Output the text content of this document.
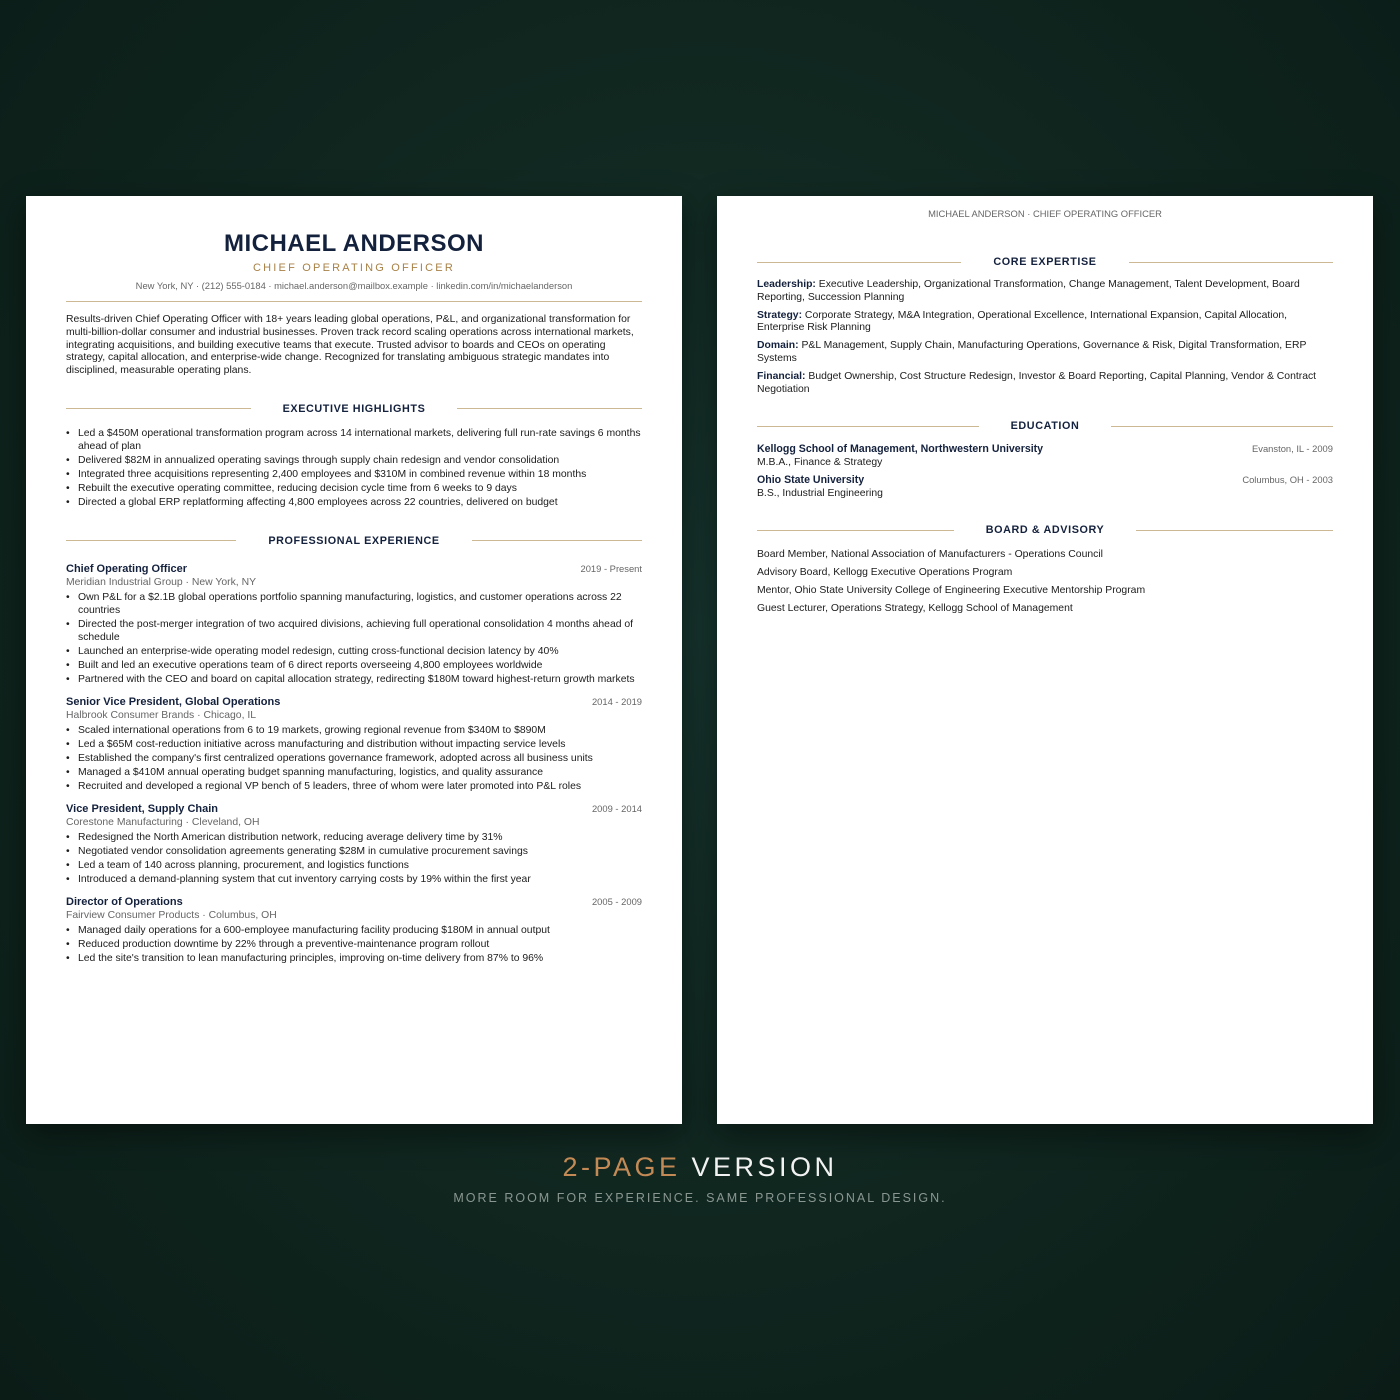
MICHAEL ANDERSON
CHIEF OPERATING OFFICER
New York, NY · (212) 555-0184 · michael.anderson@mailbox.example · linkedin.com/in/michaelanderson
Results-driven Chief Operating Officer with 18+ years leading global operations, P&L, and organizational transformation for multi-billion-dollar consumer and industrial businesses. Proven track record scaling operations across international markets, integrating acquisitions, and building executive teams that execute. Trusted advisor to boards and CEOs on operating strategy, capital allocation, and enterprise-wide change. Recognized for translating ambiguous strategic mandates into disciplined, measurable operating plans.
EXECUTIVE HIGHLIGHTS
• Led a $450M operational transformation program across 14 international markets, delivering full run-rate savings 6 months ahead of plan
• Delivered $82M in annualized operating savings through supply chain redesign and vendor consolidation
• Integrated three acquisitions representing 2,400 employees and $310M in combined revenue within 18 months
• Rebuilt the executive operating committee, reducing decision cycle time from 6 weeks to 9 days
• Directed a global ERP replatforming affecting 4,800 employees across 22 countries, delivered on budget
PROFESSIONAL EXPERIENCE
Chief Operating Officer	2019 - Present
Meridian Industrial Group · New York, NY
• Own P&L for a $2.1B global operations portfolio spanning manufacturing, logistics, and customer operations across 22 countries
• Directed the post-merger integration of two acquired divisions, achieving full operational consolidation 4 months ahead of schedule
• Launched an enterprise-wide operating model redesign, cutting cross-functional decision latency by 40%
• Built and led an executive operations team of 6 direct reports overseeing 4,800 employees worldwide
• Partnered with the CEO and board on capital allocation strategy, redirecting $180M toward highest-return growth markets
Senior Vice President, Global Operations	2014 - 2019
Halbrook Consumer Brands · Chicago, IL
• Scaled international operations from 6 to 19 markets, growing regional revenue from $340M to $890M
• Led a $65M cost-reduction initiative across manufacturing and distribution without impacting service levels
• Established the company's first centralized operations governance framework, adopted across all business units
• Managed a $410M annual operating budget spanning manufacturing, logistics, and quality assurance
• Recruited and developed a regional VP bench of 5 leaders, three of whom were later promoted into P&L roles
Vice President, Supply Chain	2009 - 2014
Corestone Manufacturing · Cleveland, OH
• Redesigned the North American distribution network, reducing average delivery time by 31%
• Negotiated vendor consolidation agreements generating $28M in cumulative procurement savings
• Led a team of 140 across planning, procurement, and logistics functions
• Introduced a demand-planning system that cut inventory carrying costs by 19% within the first year
Director of Operations	2005 - 2009
Fairview Consumer Products · Columbus, OH
• Managed daily operations for a 600-employee manufacturing facility producing $180M in annual output
• Reduced production downtime by 22% through a preventive-maintenance program rollout
• Led the site's transition to lean manufacturing principles, improving on-time delivery from 87% to 96%
MICHAEL ANDERSON · CHIEF OPERATING OFFICER
CORE EXPERTISE
Leadership: Executive Leadership, Organizational Transformation, Change Management, Talent Development, Board Reporting, Succession Planning
Strategy: Corporate Strategy, M&A Integration, Operational Excellence, International Expansion, Capital Allocation, Enterprise Risk Planning
Domain: P&L Management, Supply Chain, Manufacturing Operations, Governance & Risk, Digital Transformation, ERP Systems
Financial: Budget Ownership, Cost Structure Redesign, Investor & Board Reporting, Capital Planning, Vendor & Contract Negotiation
EDUCATION
Kellogg School of Management, Northwestern University	Evanston, IL - 2009
M.B.A., Finance & Strategy
Ohio State University	Columbus, OH - 2003
B.S., Industrial Engineering
BOARD & ADVISORY
Board Member, National Association of Manufacturers - Operations Council
Advisory Board, Kellogg Executive Operations Program
Mentor, Ohio State University College of Engineering Executive Mentorship Program
Guest Lecturer, Operations Strategy, Kellogg School of Management
2-PAGE VERSION
MORE ROOM FOR EXPERIENCE. SAME PROFESSIONAL DESIGN.
